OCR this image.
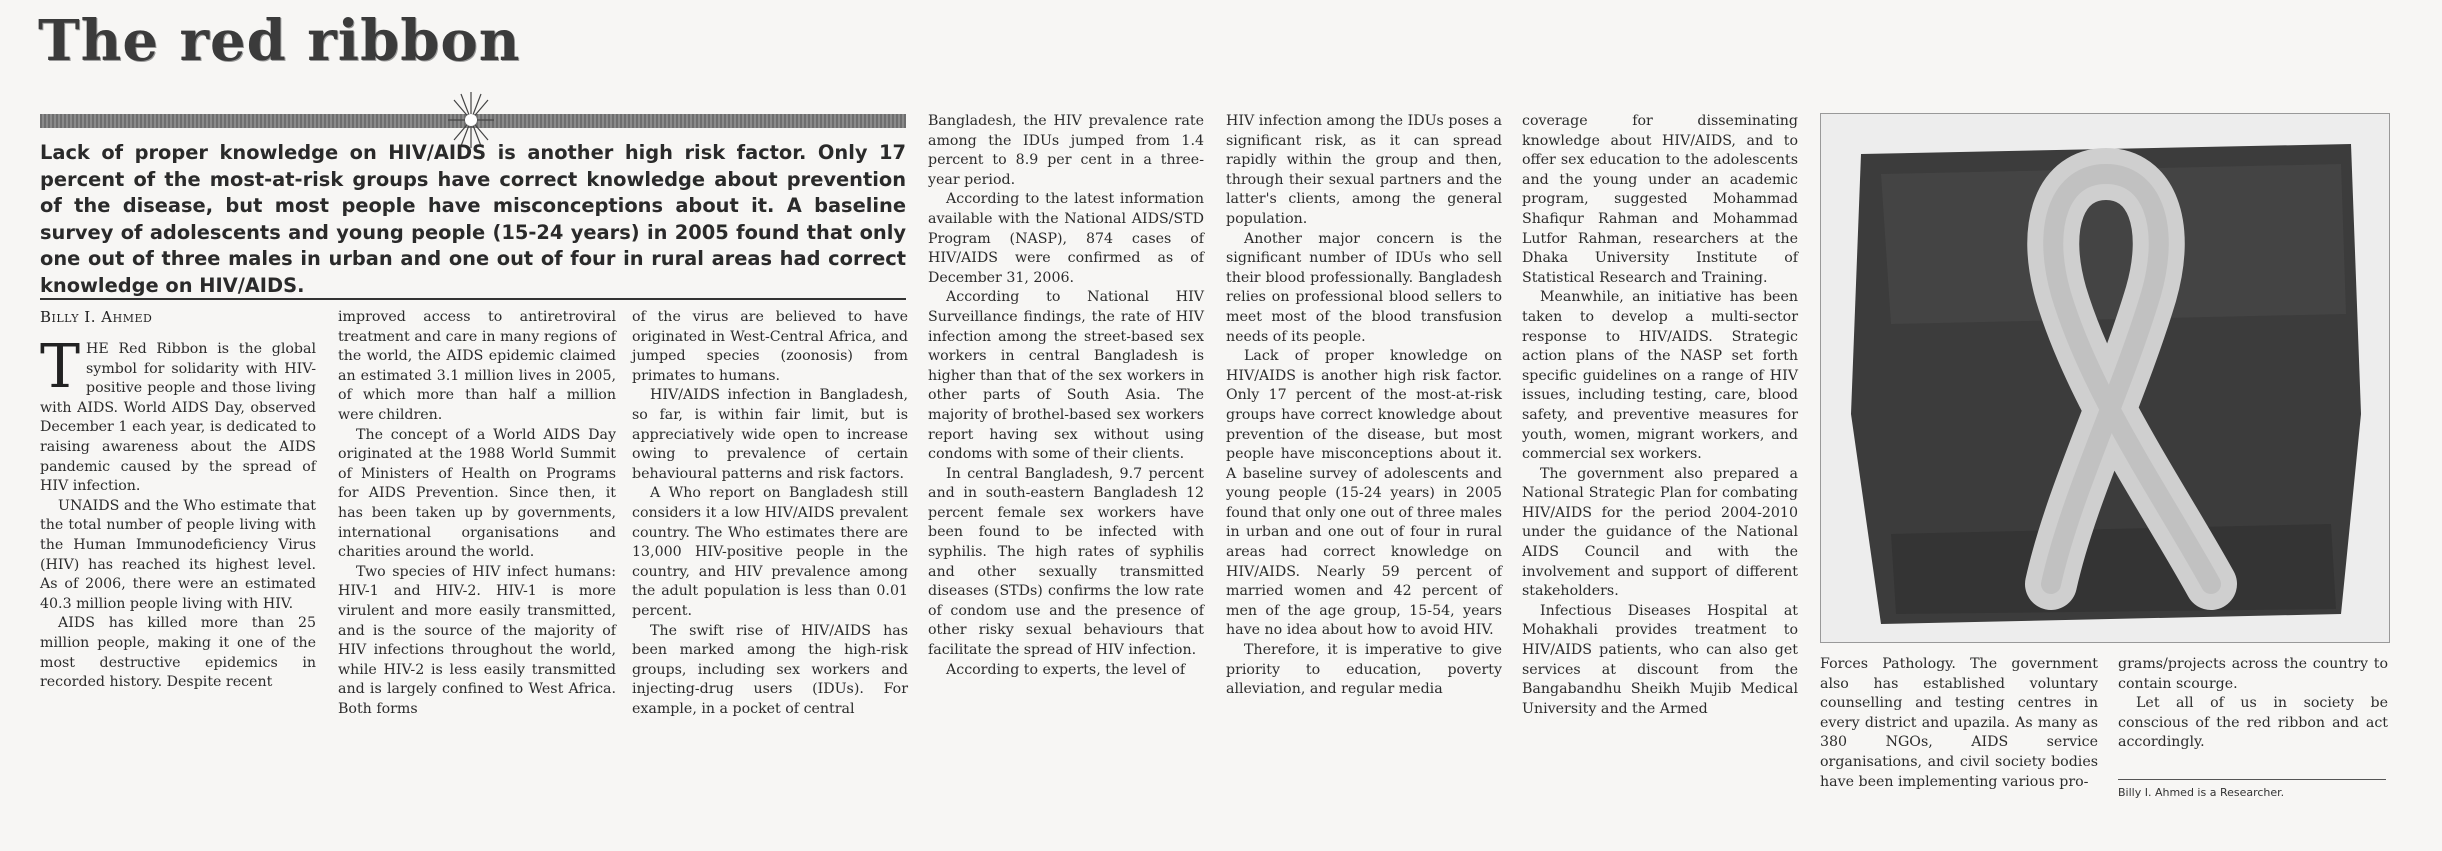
The red ribbon

Lack of proper knowledge on HIV/AIDS is another high risk factor. Only 17 percent of the most-at-risk groups have correct knowledge about prevention of the disease, but most people have misconceptions about it. A baseline survey of adolescents and young people (15-24 years) in 2005 found that only one out of three males in urban and one out of four in rural areas had correct knowledge on HIV/AIDS.

Billy I. Ahmed

THE Red Ribbon is the global symbol for solidarity with HIV-positive people and those living with AIDS. World AIDS Day, observed December 1 each year, is dedicated to raising awareness about the AIDS pandemic caused by the spread of HIV infection.

UNAIDS and the Who estimate that the total number of people living with the Human Immunodeficiency Virus (HIV) has reached its highest level. As of 2006, there were an estimated 40.3 million people living with HIV.

AIDS has killed more than 25 million people, making it one of the most destructive epidemics in recorded history. Despite recent

improved access to antiretroviral treatment and care in many regions of the world, the AIDS epidemic claimed an estimated 3.1 million lives in 2005, of which more than half a million were children.

The concept of a World AIDS Day originated at the 1988 World Summit of Ministers of Health on Programs for AIDS Prevention. Since then, it has been taken up by governments, international organisations and charities around the world.

Two species of HIV infect humans: HIV-1 and HIV-2. HIV-1 is more virulent and more easily transmitted, and is the source of the majority of HIV infections throughout the world, while HIV-2 is less easily transmitted and is largely confined to West Africa. Both forms

of the virus are believed to have originated in West-Central Africa, and jumped species (zoonosis) from primates to humans.

HIV/AIDS infection in Bangladesh, so far, is within fair limit, but is appreciatively wide open to increase owing to prevalence of certain behavioural patterns and risk factors.

A Who report on Bangladesh still considers it a low HIV/AIDS prevalent country. The Who estimates there are 13,000 HIV-positive people in the country, and HIV prevalence among the adult population is less than 0.01 percent.

The swift rise of HIV/AIDS has been marked among the high-risk groups, including sex workers and injecting-drug users (IDUs). For example, in a pocket of central

Bangladesh, the HIV prevalence rate among the IDUs jumped from 1.4 percent to 8.9 per cent in a three-year period.

According to the latest information available with the National AIDS/STD Program (NASP), 874 cases of HIV/AIDS were confirmed as of December 31, 2006.

According to National HIV Surveillance findings, the rate of HIV infection among the street-based sex workers in central Bangladesh is higher than that of the sex workers in other parts of South Asia. The majority of brothel-based sex workers report having sex without using condoms with some of their clients.

In central Bangladesh, 9.7 percent and in south-eastern Bangladesh 12 percent female sex workers have been found to be infected with syphilis. The high rates of syphilis and other sexually transmitted diseases (STDs) confirms the low rate of condom use and the presence of other risky sexual behaviours that facilitate the spread of HIV infection.

According to experts, the level of

HIV infection among the IDUs poses a significant risk, as it can spread rapidly within the group and then, through their sexual partners and the latter's clients, among the general population.

Another major concern is the significant number of IDUs who sell their blood professionally. Bangladesh relies on professional blood sellers to meet most of the blood transfusion needs of its people.

Lack of proper knowledge on HIV/AIDS is another high risk factor. Only 17 percent of the most-at-risk groups have correct knowledge about prevention of the disease, but most people have misconceptions about it. A baseline survey of adolescents and young people (15-24 years) in 2005 found that only one out of three males in urban and one out of four in rural areas had correct knowledge on HIV/AIDS. Nearly 59 percent of married women and 42 percent of men of the age group, 15-54, years have no idea about how to avoid HIV.

Therefore, it is imperative to give priority to education, poverty alleviation, and regular media

coverage for disseminating knowledge about HIV/AIDS, and to offer sex education to the adolescents and the young under an academic program, suggested Mohammad Shafiqur Rahman and Mohammad Lutfor Rahman, researchers at the Dhaka University Institute of Statistical Research and Training.

Meanwhile, an initiative has been taken to develop a multi-sector response to HIV/AIDS. Strategic action plans of the NASP set forth specific guidelines on a range of HIV issues, including testing, care, blood safety, and preventive measures for youth, women, migrant workers, and commercial sex workers.

The government also prepared a National Strategic Plan for combating HIV/AIDS for the period 2004-2010 under the guidance of the National AIDS Council and with the involvement and support of different stakeholders.

Infectious Diseases Hospital at Mohakhali provides treatment to HIV/AIDS patients, who can also get services at discount from the Bangabandhu Sheikh Mujib Medical University and the Armed

Forces Pathology. The government also has established voluntary counselling and testing centres in every district and upazila. As many as 380 NGOs, AIDS service organisations, and civil society bodies have been implementing various pro-

grams/projects across the country to contain scourge.

Let all of us in society be conscious of the red ribbon and act accordingly.

Billy I. Ahmed is a Researcher.
